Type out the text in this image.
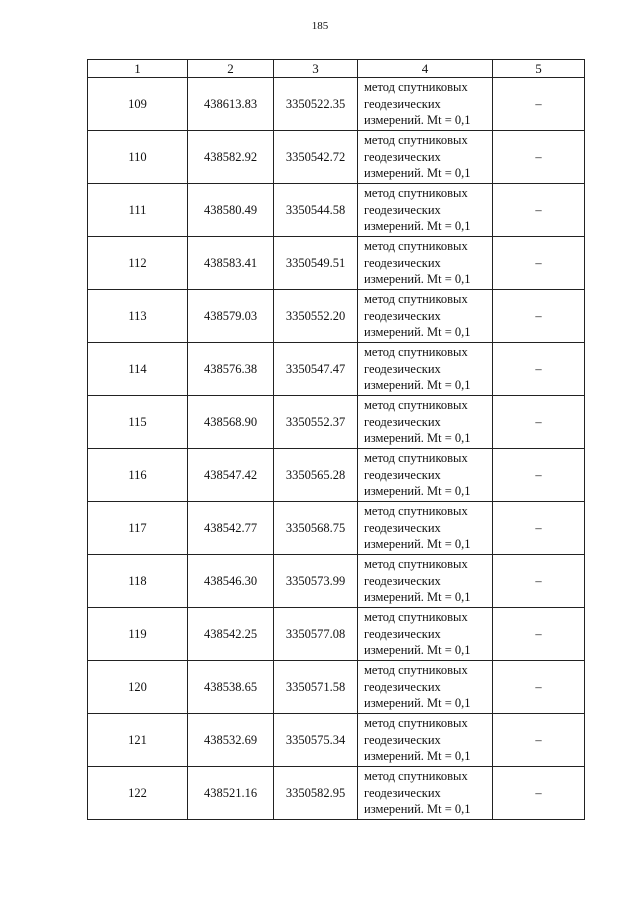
185
1	2	3	4	5
109	438613.83	3350522.35	метод спутниковых
геодезических
измерений. Mt = 0,1	–
110	438582.92	3350542.72	метод спутниковых
геодезических
измерений. Mt = 0,1	–
111	438580.49	3350544.58	метод спутниковых
геодезических
измерений. Mt = 0,1	–
112	438583.41	3350549.51	метод спутниковых
геодезических
измерений. Mt = 0,1	–
113	438579.03	3350552.20	метод спутниковых
геодезических
измерений. Mt = 0,1	–
114	438576.38	3350547.47	метод спутниковых
геодезических
измерений. Mt = 0,1	–
115	438568.90	3350552.37	метод спутниковых
геодезических
измерений. Mt = 0,1	–
116	438547.42	3350565.28	метод спутниковых
геодезических
измерений. Mt = 0,1	–
117	438542.77	3350568.75	метод спутниковых
геодезических
измерений. Mt = 0,1	–
118	438546.30	3350573.99	метод спутниковых
геодезических
измерений. Mt = 0,1	–
119	438542.25	3350577.08	метод спутниковых
геодезических
измерений. Mt = 0,1	–
120	438538.65	3350571.58	метод спутниковых
геодезических
измерений. Mt = 0,1	–
121	438532.69	3350575.34	метод спутниковых
геодезических
измерений. Mt = 0,1	–
122	438521.16	3350582.95	метод спутниковых
геодезических
измерений. Mt = 0,1	–
